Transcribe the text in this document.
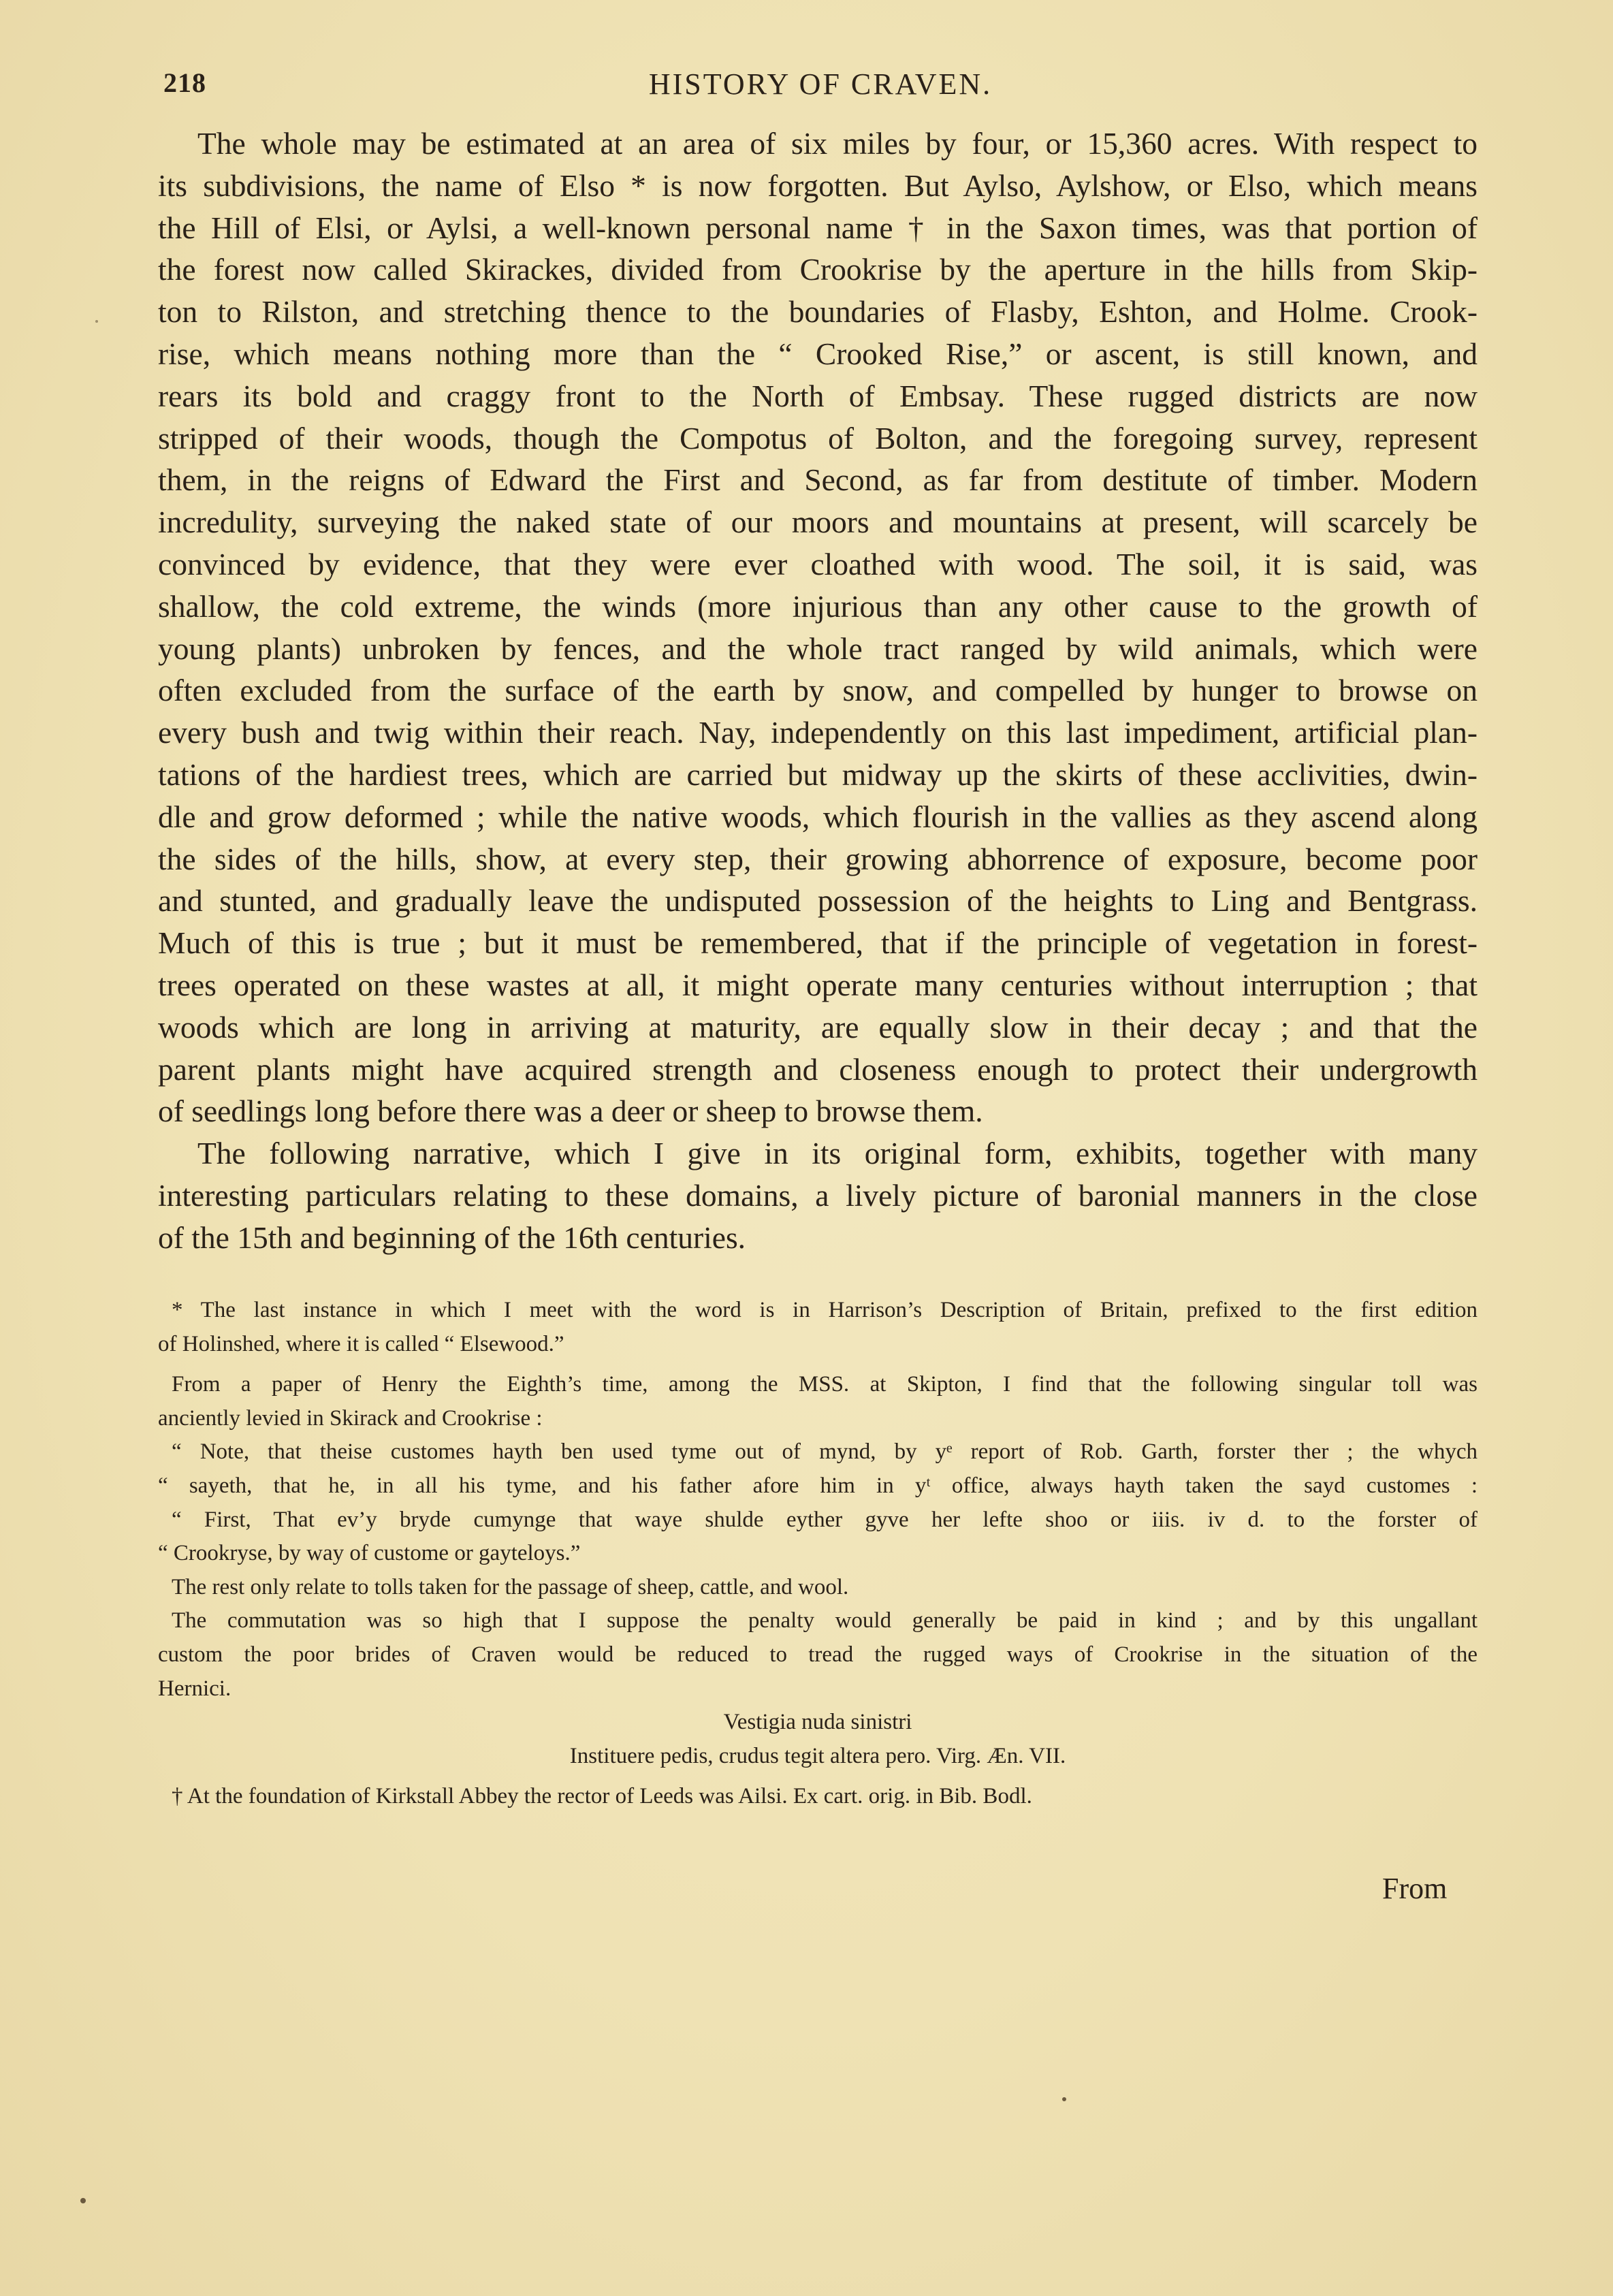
218	HISTORY OF CRAVEN.
The whole may be estimated at an area of six miles by four, or 15,360 acres. With respect to
its subdivisions, the name of Elso * is now forgotten. But Aylso, Aylshow, or Elso, which means
the Hill of Elsi, or Aylsi, a well-known personal name † in the Saxon times, was that portion of
the forest now called Skirackes, divided from Crookrise by the aperture in the hills from Skip-
ton to Rilston, and stretching thence to the boundaries of Flasby, Eshton, and Holme. Crook-
rise, which means nothing more than the “ Crooked Rise,” or ascent, is still known, and
rears its bold and craggy front to the North of Embsay. These rugged districts are now
stripped of their woods, though the Compotus of Bolton, and the foregoing survey, represent
them, in the reigns of Edward the First and Second, as far from destitute of timber. Modern
incredulity, surveying the naked state of our moors and mountains at present, will scarcely be
convinced by evidence, that they were ever cloathed with wood. The soil, it is said, was
shallow, the cold extreme, the winds (more injurious than any other cause to the growth of
young plants) unbroken by fences, and the whole tract ranged by wild animals, which were
often excluded from the surface of the earth by snow, and compelled by hunger to browse on
every bush and twig within their reach. Nay, independently on this last impediment, artificial plan-
tations of the hardiest trees, which are carried but midway up the skirts of these acclivities, dwin-
dle and grow deformed ; while the native woods, which flourish in the vallies as they ascend along
the sides of the hills, show, at every step, their growing abhorrence of exposure, become poor
and stunted, and gradually leave the undisputed possession of the heights to Ling and Bentgrass.
Much of this is true ; but it must be remembered, that if the principle of vegetation in forest-
trees operated on these wastes at all, it might operate many centuries without interruption ; that
woods which are long in arriving at maturity, are equally slow in their decay ; and that the
parent plants might have acquired strength and closeness enough to protect their undergrowth
of seedlings long before there was a deer or sheep to browse them.
The following narrative, which I give in its original form, exhibits, together with many
interesting particulars relating to these domains, a lively picture of baronial manners in the close
of the 15th and beginning of the 16th centuries.
* The last instance in which I meet with the word is in Harrison’s Description of Britain, prefixed to the first edition
of Holinshed, where it is called “ Elsewood.”
From a paper of Henry the Eighth’s time, among the MSS. at Skipton, I find that the following singular toll was
anciently levied in Skirack and Crookrise :
“ Note, that theise customes hayth ben used tyme out of mynd, by yᵉ report of Rob. Garth, forster ther ; the whych
“ sayeth, that he, in all his tyme, and his father afore him in yᵗ office, always hayth taken the sayd customes :
“ First, That ev’y bryde cumynge that waye shulde eyther gyve her lefte shoo or iiis. iv d. to the forster of
“ Crookryse, by way of custome or gayteloys.”
The rest only relate to tolls taken for the passage of sheep, cattle, and wool.
The commutation was so high that I suppose the penalty would generally be paid in kind ; and by this ungallant
custom the poor brides of Craven would be reduced to tread the rugged ways of Crookrise in the situation of the
Hernici.
Vestigia nuda sinistri
Instituere pedis, crudus tegit altera pero. Virg. Æn. VII.
† At the foundation of Kirkstall Abbey the rector of Leeds was Ailsi. Ex cart. orig. in Bib. Bodl.
From
